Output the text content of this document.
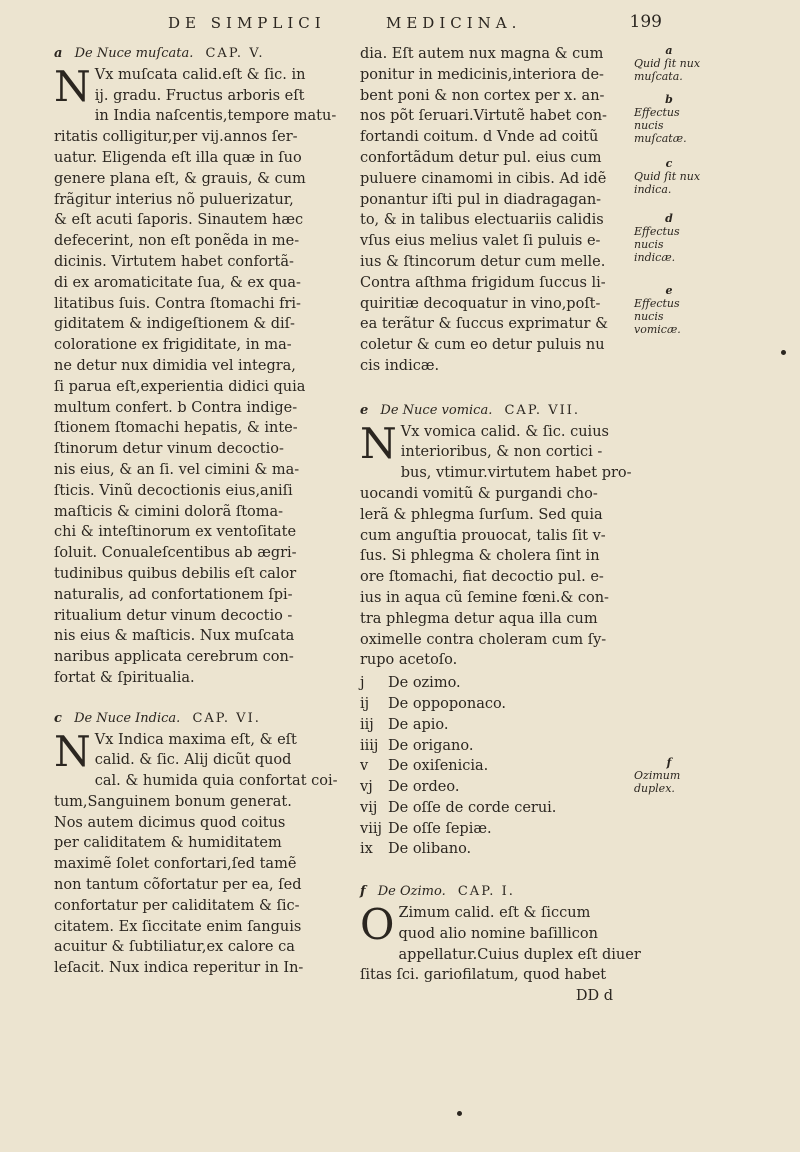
DE SIMPLICI	MEDICINA.	199
a De Nuce muſcata. CAP. V.
N Vx muſcata calid.eſt & ſic. in
ij. gradu. Fructus arboris eſt
in India naſcentis,tempore matu-
ritatis colligitur,per vij.annos ſer-
uatur. Eligenda eſt illa quæ in ſuo
genere plana eſt, & grauis, & cum
frãgitur interius nõ puluerizatur,
& eſt acuti ſaporis. Sinautem hæc
defecerint, non eſt ponẽda in me-
dicinis. Virtutem habet confortã-
di ex aromaticitate ſua, & ex qua-
litatibus ſuis. Contra ſtomachi fri-
giditatem & indigeſtionem & diſ-
coloratione ex frigiditate, in ma-
ne detur nux dimidia vel integra,
ſi parua eſt,experientia didici quia
multum confert. b Contra indige-
ſtionem ſtomachi hepatis, & inte-
ſtinorum detur vinum decoctio-
nis eius, & an ſi. vel cimini & ma-
ſticis. Vinũ decoctionis eius,aniſi
maſticis & cimini dolorã ſtoma-
chi & inteſtinorum ex ventoſitate
ſoluit. Conualeſcentibus ab ægri-
tudinibus quibus debilis eſt calor
naturalis, ad confortationem ſpi-
ritualium detur vinum decoctio -
nis eius & maſticis. Nux muſcata
naribus applicata cerebrum con-
fortat & ſpiritualia.
c De Nuce Indica. CAP. VI.
N Vx Indica maxima eſt, & eſt
calid. & ſic. Alij dicũt quod
cal. & humida quia confortat coi-
tum,Sanguinem bonum generat.
Nos autem dicimus quod coitus
per caliditatem & humiditatem
maximẽ ſolet confortari,ſed tamẽ
non tantum cõfortatur per ea, ſed
confortatur per caliditatem & ſic-
citatem. Ex ſiccitate enim ſanguis
acuitur & ſubtiliatur,ex calore ca
leſacit. Nux indica reperitur in In-
dia. Eſt autem nux magna & cum
ponitur in medicinis,interiora de-
bent poni & non cortex per x. an-
nos põt ſeruari.Virtutẽ habet con-
fortandi coitum. d Vnde ad coitũ
confortãdum detur pul. eius cum
puluere cinamomi in cibis. Ad idẽ
ponantur iſti pul in diadragagan-
to, & in talibus electuariis calidis
vſus eius melius valet ſi puluis e-
ius & ſtincorum detur cum melle.
Contra aſthma frigidum ſuccus li-
quiritiæ decoquatur in vino,poſt-
ea terãtur & ſuccus exprimatur &
coletur & cum eo detur puluis nu
cis indicæ.
e De Nuce vomica. CAP. VII.
N Vx vomica calid. & ſic. cuius
interioribus, & non cortici -
bus, vtimur.virtutem habet pro-
uocandi vomitũ & purgandi cho-
lerã & phlegma ſurſum. Sed quia
cum anguſtia prouocat, talis ſit v-
ſus. Si phlegma & cholera ſint in
ore ſtomachi, fiat decoctio pul. e-
ius in aqua cũ ſemine fœni.& con-
tra phlegma detur aqua illa cum
oximelle contra choleram cum ſy-
rupo acetoſo.
j	De ozimo.
ij	De oppoponaco.
iij De apio.
iiij De origano.
v	De oxiſenicia.
vj	De ordeo.
vij De oſſe de corde cerui.
viij De oſſe ſepiæ.
ix	De olibano.
f De Ozimo. CAP. I.
O Zimum calid. eſt & ſiccum
quod alio nomine baſillicon
appellatur.Cuius duplex eſt diuer
ſitas ſci. gariofilatum, quod habet
DD d
a
Quid ſit nux muſcata.
b
Effectus nucis muſcatæ.
c
Quid ſit nux indica.
d
Effectus nucis indicæ.
e
Effectus nucis vomicæ.
f
Ozimum duplex.
